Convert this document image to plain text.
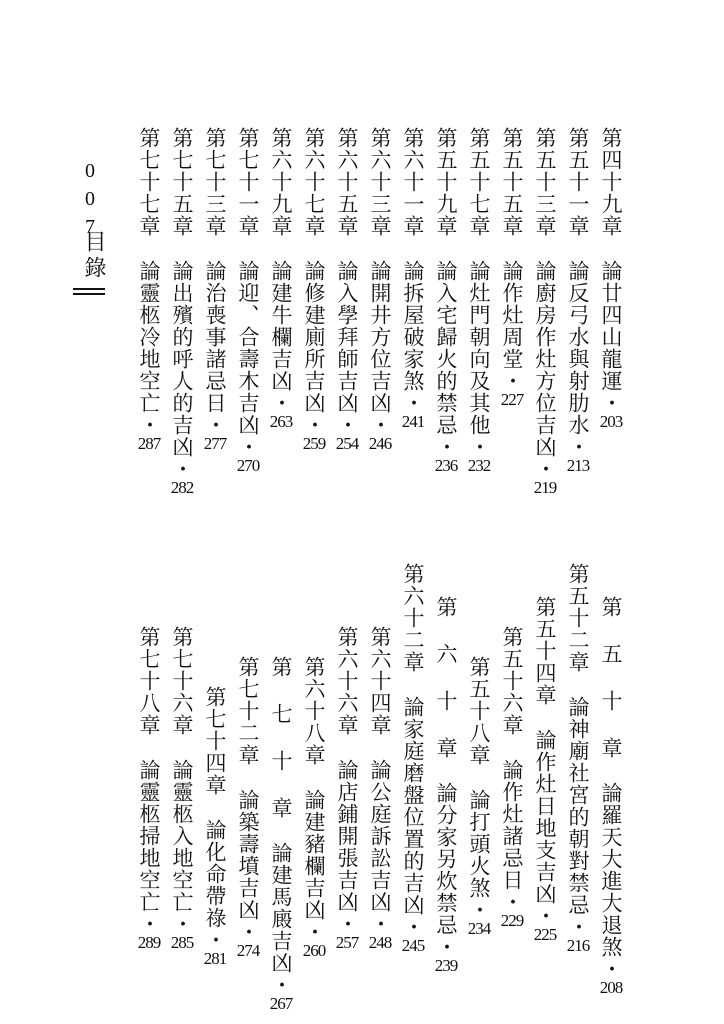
007
目錄
第四十九章
論廿四山龍運・
203
第五十一章
論反弓水與射肋水・
213
第五十三章
論廚房作灶方位吉凶・
219
第五十五章
論作灶周堂・
227
第五十七章
論灶門朝向及其他・
232
第五十九章
論入宅歸火的禁忌・
236
第六十一章
論拆屋破家煞・
241
第六十三章
論開井方位吉凶・
246
第六十五章
論入學拜師吉凶・
254
第六十七章
論修建廁所吉凶・
259
第六十九章
論建牛欄吉凶・
263
第七十一章
論迎、合壽木吉凶・
270
第七十三章
論治喪事諸忌日・
277
第七十五章
論出殯的呼人的吉凶・
282
第七十七章
論靈柩冷地空亡・
287
第 五 十 章
論羅天大進大退煞・
208
第五十二章
論神廟社宮的朝對禁忌・
216
第五十四章
論作灶日地支吉凶・
225
第五十六章
論作灶諸忌日・
229
第五十八章
論打頭火煞・
234
第 六 十 章
論分家另炊禁忌・
239
第六十二章
論家庭磨盤位置的吉凶・
245
第六十四章
論公庭訴訟吉凶・
248
第六十六章
論店鋪開張吉凶・
257
第六十八章
論建豬欄吉凶・
260
第 七 十 章
論建馬廄吉凶・
267
第七十二章
論築壽墳吉凶・
274
第七十四章
論化命帶祿・
281
第七十六章
論靈柩入地空亡・
285
第七十八章
論靈柩掃地空亡・
289
